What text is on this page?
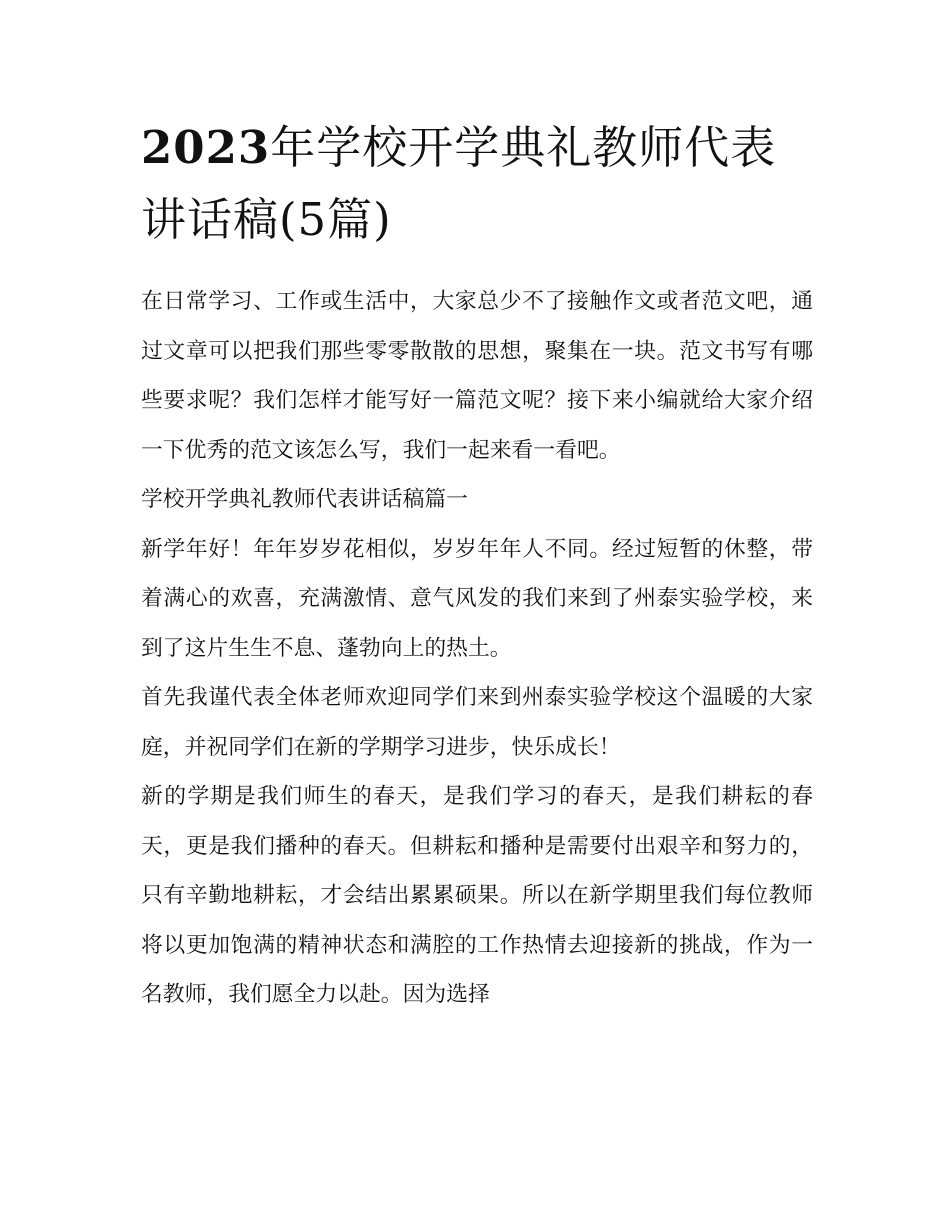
2023年学校开学典礼教师代表讲话稿(5篇)

在日常学习、工作或生活中，大家总少不了接触作文或者范文吧，通过文章可以把我们那些零零散散的思想，聚集在一块。范文书写有哪些要求呢？我们怎样才能写好一篇范文呢？接下来小编就给大家介绍一下优秀的范文该怎么写，我们一起来看一看吧。

学校开学典礼教师代表讲话稿篇一

新学年好！年年岁岁花相似，岁岁年年人不同。经过短暂的休整，带着满心的欢喜，充满激情、意气风发的我们来到了州泰实验学校，来到了这片生生不息、蓬勃向上的热土。

首先我谨代表全体老师欢迎同学们来到州泰实验学校这个温暖的大家庭，并祝同学们在新的学期学习进步，快乐成长！

新的学期是我们师生的春天，是我们学习的春天，是我们耕耘的春天，更是我们播种的春天。但耕耘和播种是需要付出艰辛和努力的，只有辛勤地耕耘，才会结出累累硕果。所以在新学期里我们每位教师将以更加饱满的精神状态和满腔的工作热情去迎接新的挑战，作为一名教师，我们愿全力以赴。因为选择
